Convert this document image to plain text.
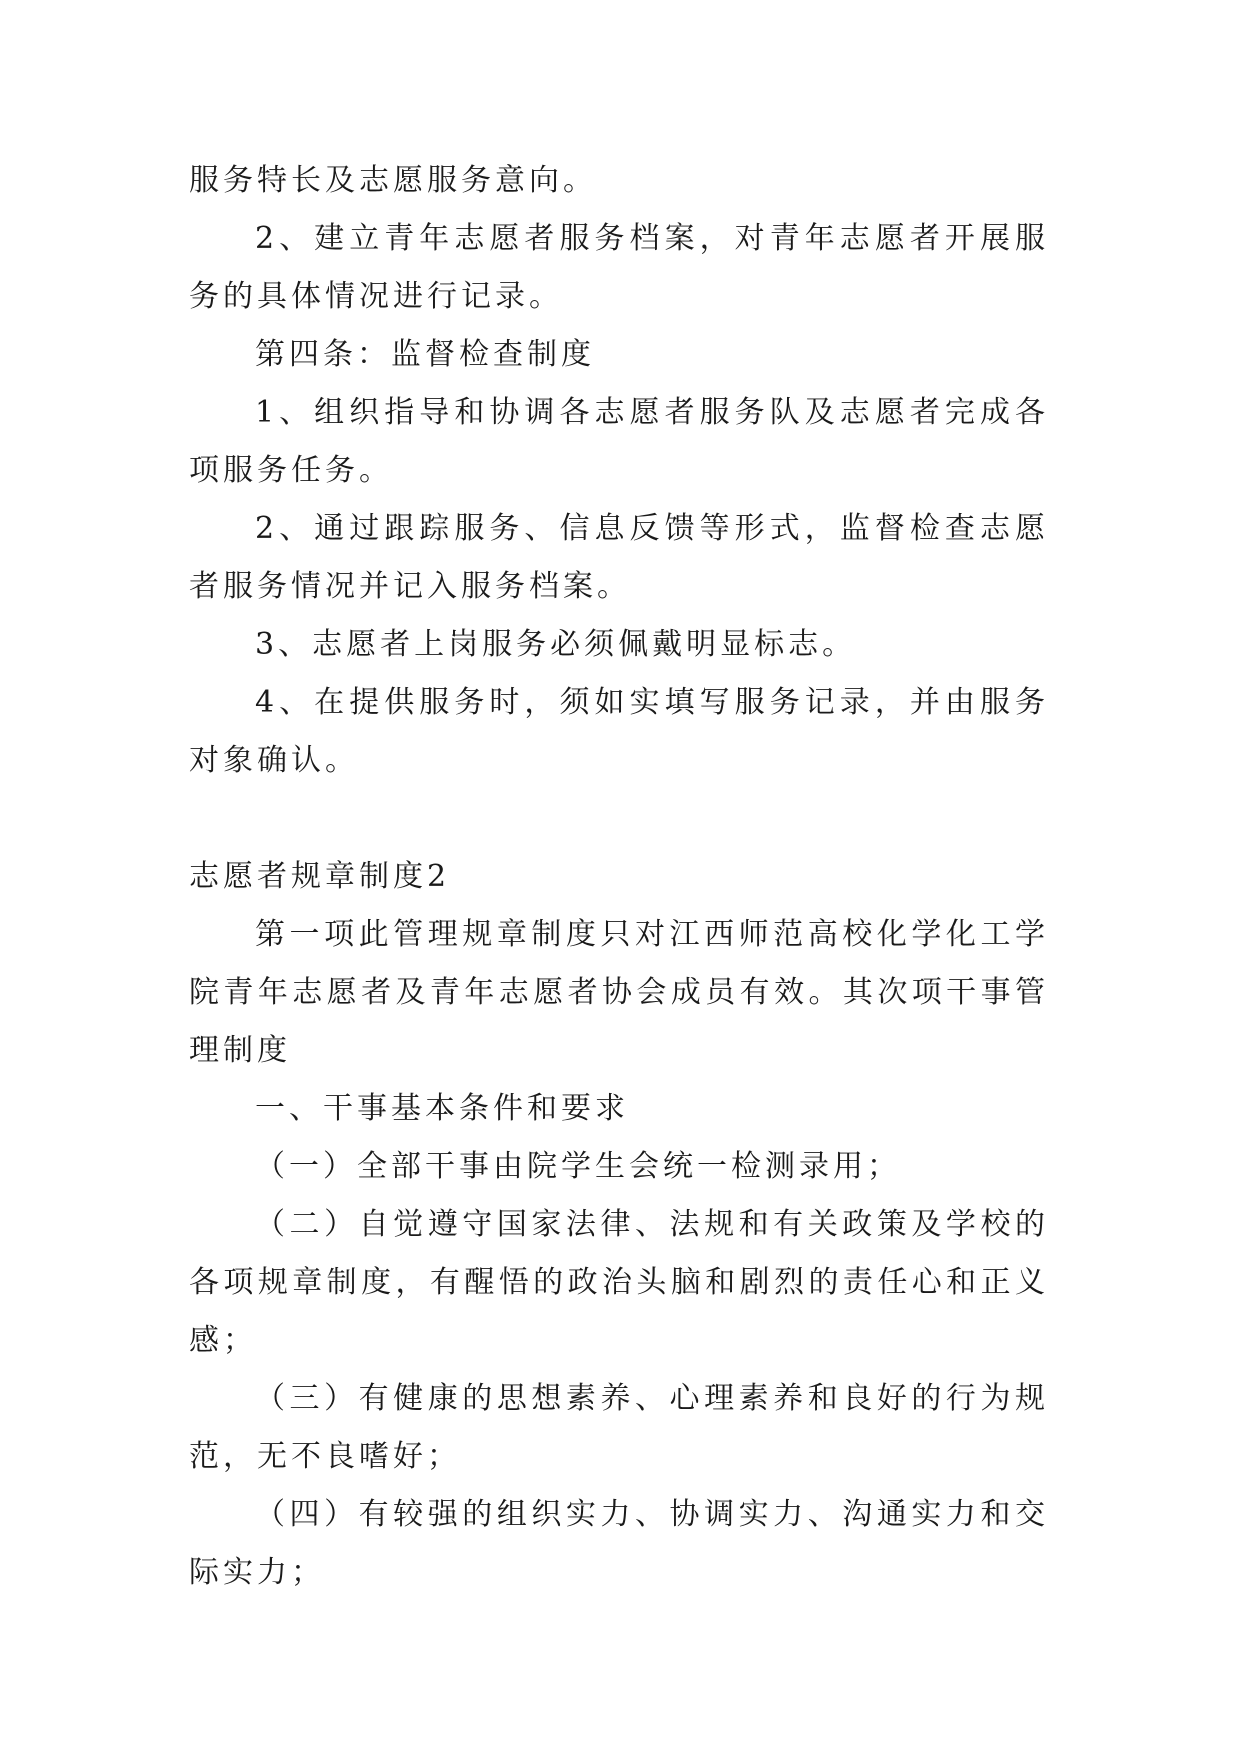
服务特长及志愿服务意向。

2、建立青年志愿者服务档案，对青年志愿者开展服务的具体情况进行记录。

第四条：监督检查制度

1、组织指导和协调各志愿者服务队及志愿者完成各项服务任务。

2、通过跟踪服务、信息反馈等形式，监督检查志愿者服务情况并记入服务档案。

3、志愿者上岗服务必须佩戴明显标志。

4、在提供服务时，须如实填写服务记录，并由服务对象确认。

志愿者规章制度2

第一项此管理规章制度只对江西师范高校化学化工学院青年志愿者及青年志愿者协会成员有效。其次项干事管理制度

一、干事基本条件和要求

（一）全部干事由院学生会统一检测录用；

（二）自觉遵守国家法律、法规和有关政策及学校的各项规章制度，有醒悟的政治头脑和剧烈的责任心和正义感；

（三）有健康的思想素养、心理素养和良好的行为规范，无不良嗜好；

（四）有较强的组织实力、协调实力、沟通实力和交际实力；
